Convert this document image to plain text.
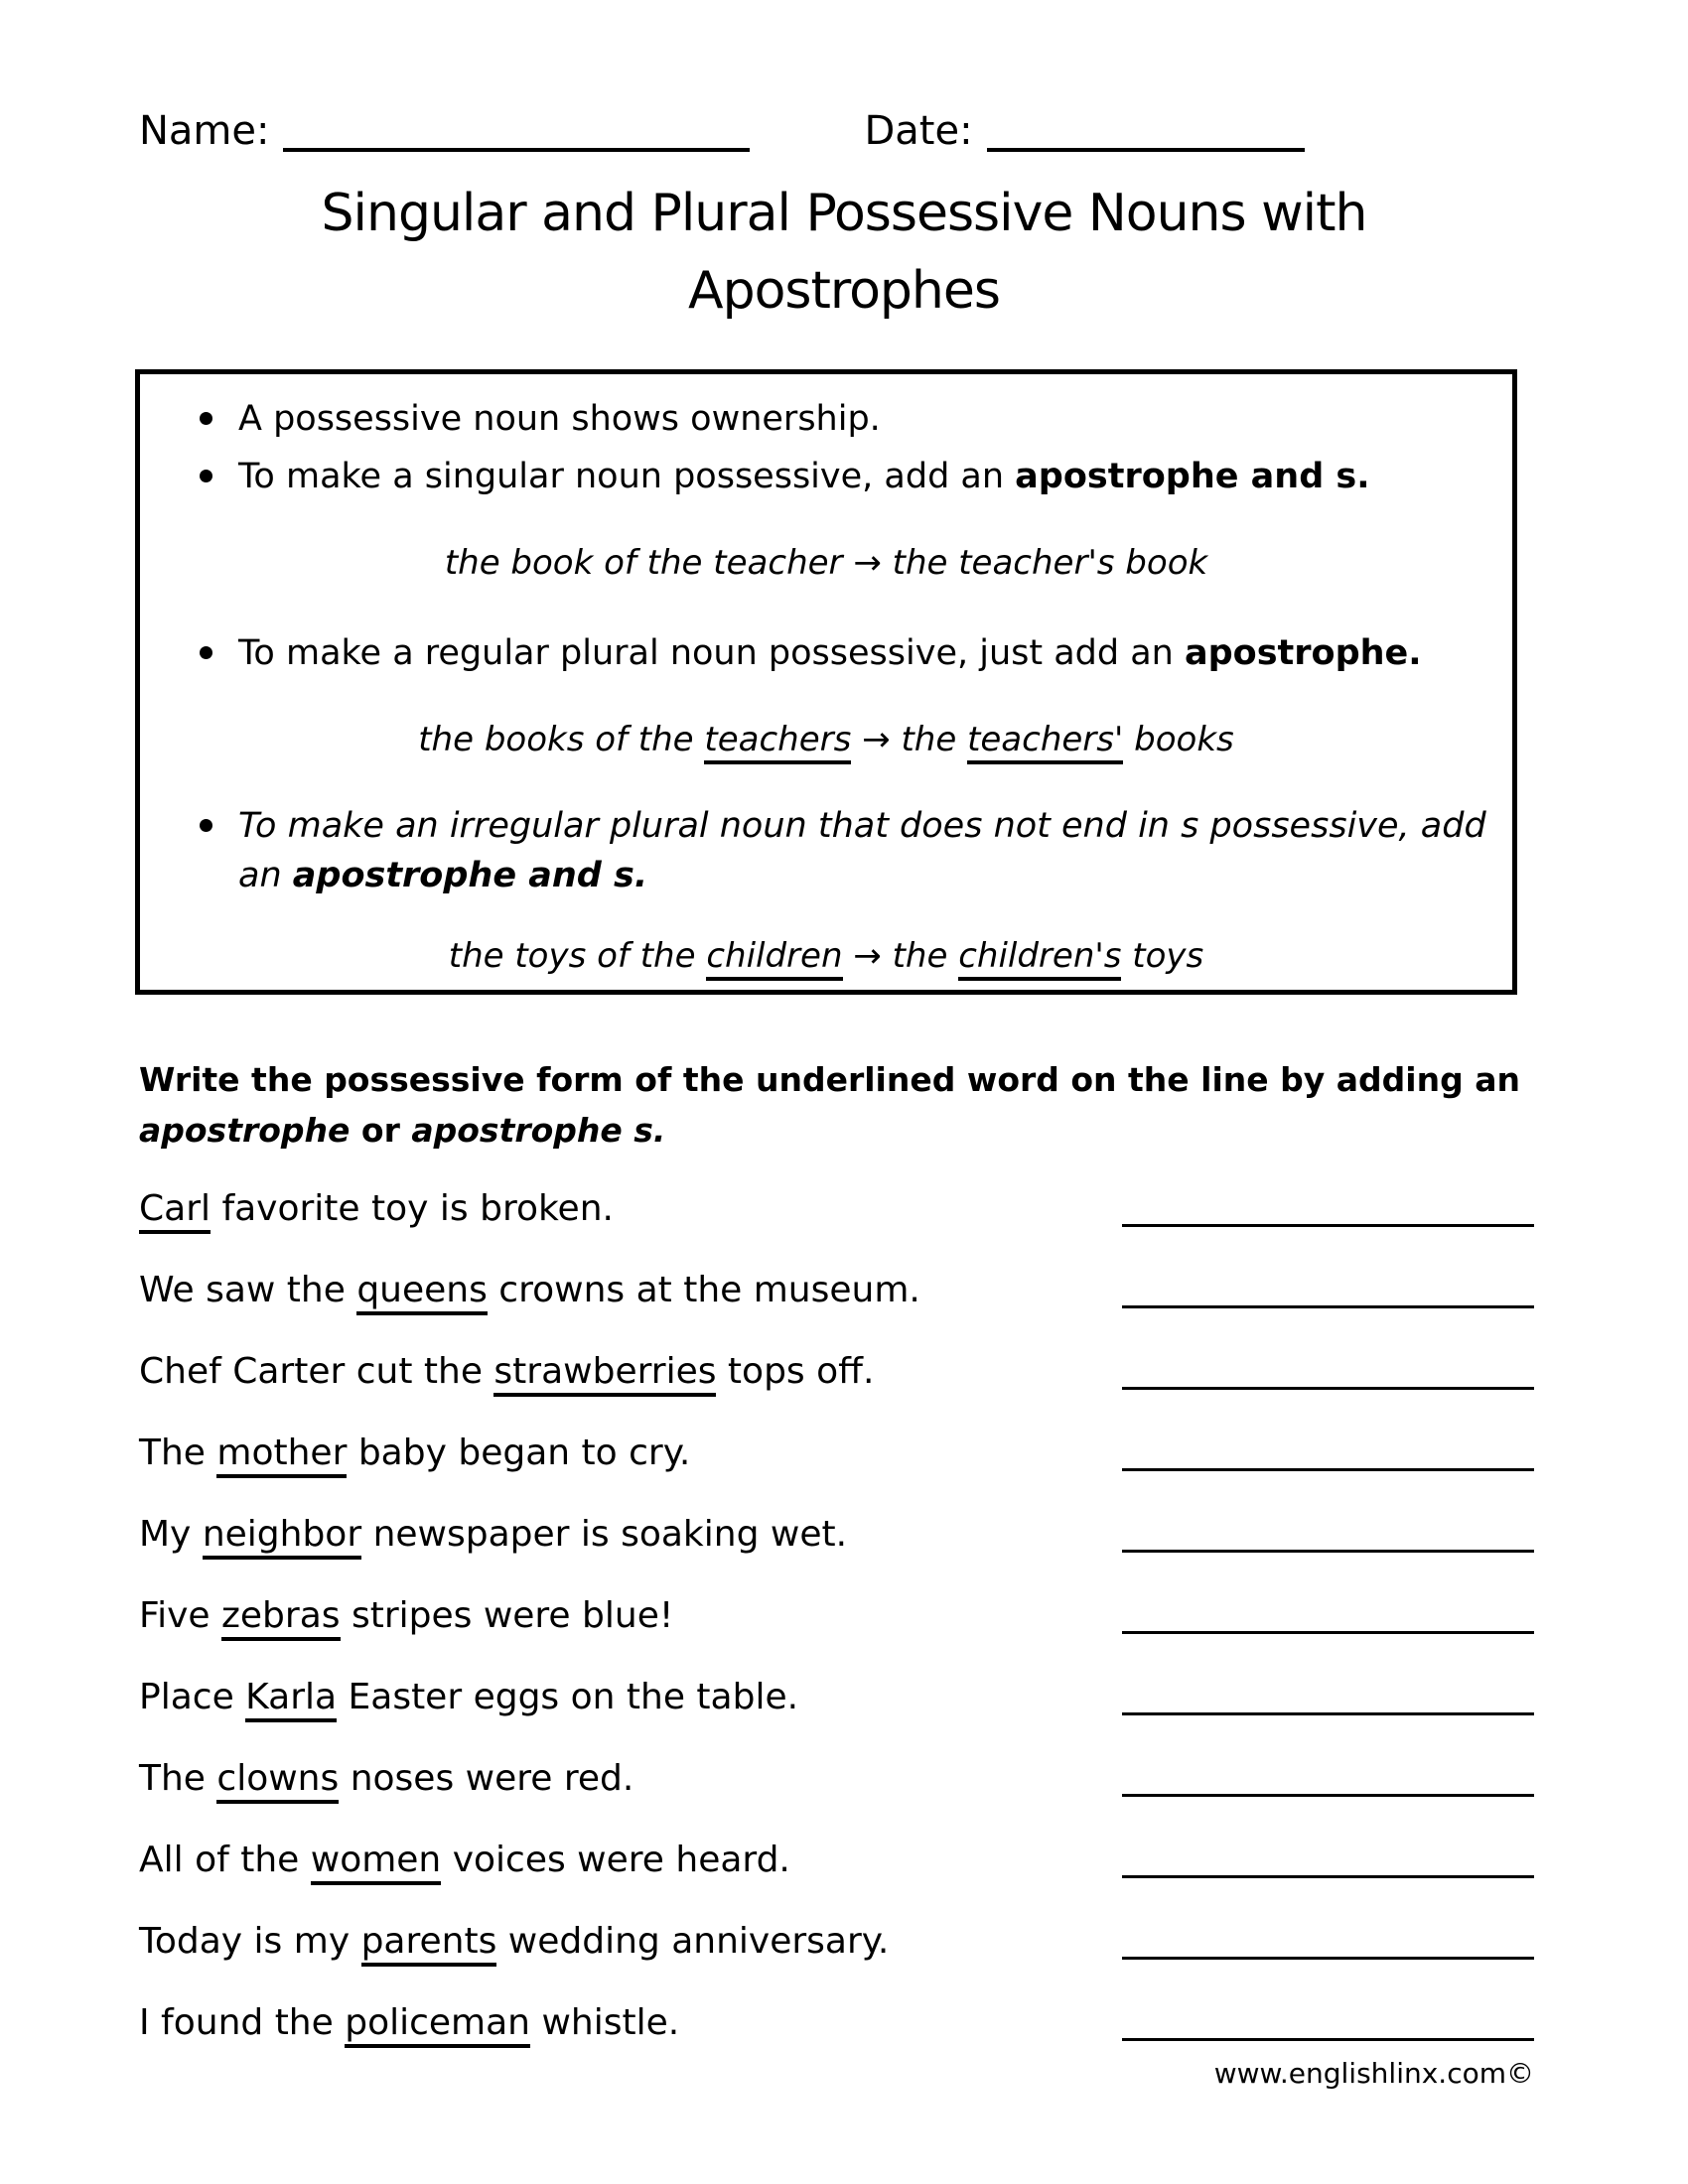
Name:	Date:
Singular and Plural Possessive Nouns with
Apostrophes
A possessive noun shows ownership.
To make a singular noun possessive, add an apostrophe and s.
the book of the teacher → the teacher's book
To make a regular plural noun possessive, just add an apostrophe.
the books of the teachers → the teachers' books
To make an irregular plural noun that does not end in s possessive, add an apostrophe and s.
the toys of the children → the children's toys
Write the possessive form of the underlined word on the line by adding an apostrophe or apostrophe s.
Carl favorite toy is broken.
We saw the queens crowns at the museum.
Chef Carter cut the strawberries tops off.
The mother baby began to cry.
My neighbor newspaper is soaking wet.
Five zebras stripes were blue!
Place Karla Easter eggs on the table.
The clowns noses were red.
All of the women voices were heard.
Today is my parents wedding anniversary.
I found the policeman whistle.
www.englishlinx.com©
